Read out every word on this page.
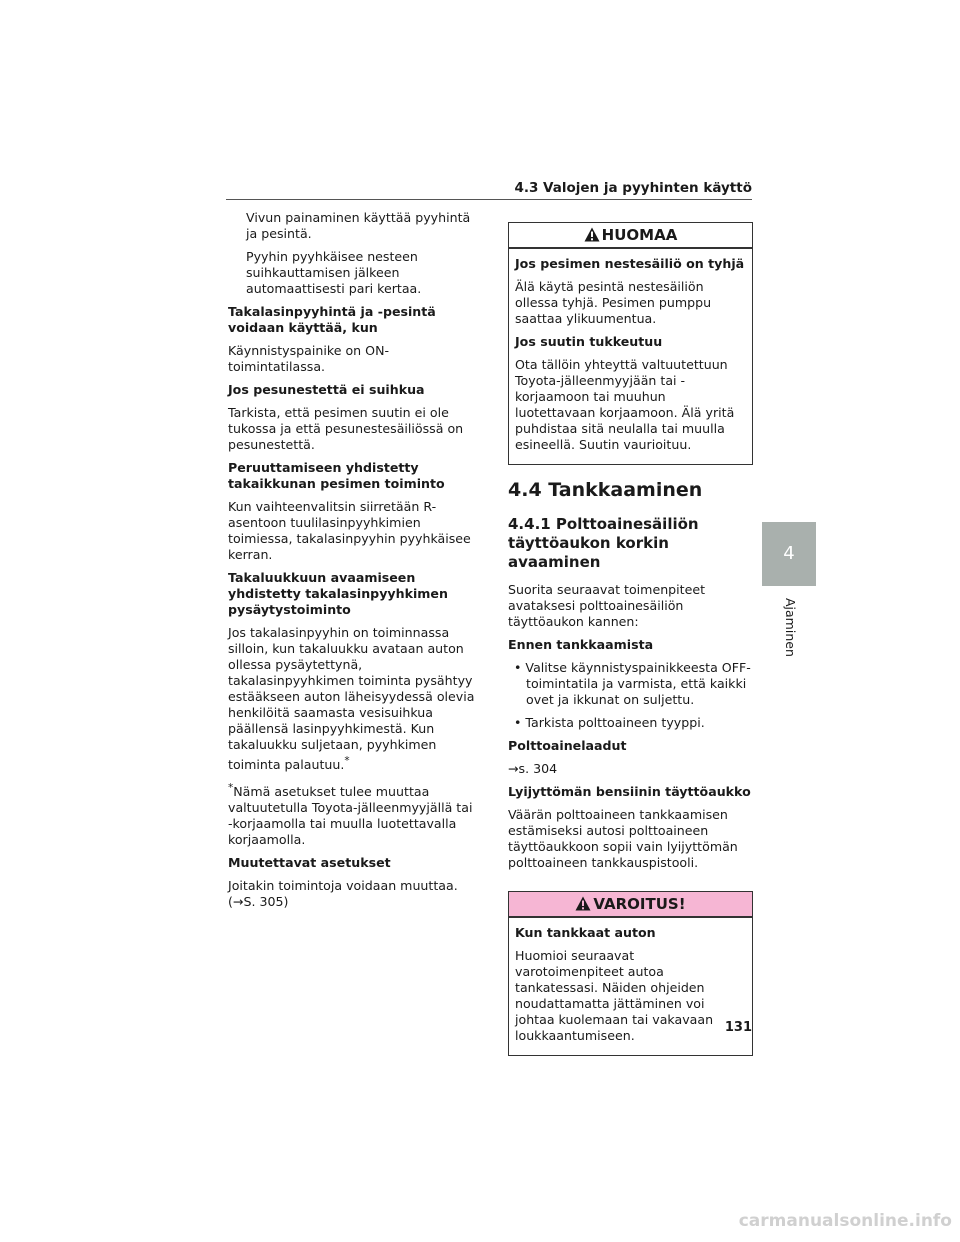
4.3 Valojen ja pyyhinten käyttö

Vivun painaminen käyttää pyyhintä ja pesintä.

Pyyhin pyyhkäisee nesteen suihkauttamisen jälkeen automaattisesti pari kertaa.

Takalasinpyyhintä ja -pesintä voidaan käyttää, kun

Käynnistyspainike on ON-toimintatilassa.

Jos pesunestettä ei suihkua

Tarkista, että pesimen suutin ei ole tukossa ja että pesunestesäiliössä on pesunestettä.

Peruuttamiseen yhdistetty takaikkunan pesimen toiminto

Kun vaihteenvalitsin siirretään R-asentoon tuulilasinpyyhkimien toimiessa, takalasinpyyhin pyyhkäisee kerran.

Takaluukkuun avaamiseen yhdistetty takalasinpyyhkimen pysäytystoiminto

Jos takalasinpyyhin on toiminnassa silloin, kun takaluukku avataan auton ollessa pysäytettynä, takalasinpyyhkimen toiminta pysähtyy estääkseen auton läheisyydessä olevia henkilöitä saamasta vesisuihkua päällensä lasinpyyhkimestä. Kun takaluukku suljetaan, pyyhkimen toiminta palautuu.*

*Nämä asetukset tulee muuttaa valtuutetulla Toyota-jälleenmyyjällä tai -korjaamolla tai muulla luotettavalla korjaamolla.

Muutettavat asetukset

Joitakin toimintoja voidaan muuttaa. (→S. 305)

HUOMAA

Jos pesimen nestesäiliö on tyhjä

Älä käytä pesintä nestesäiliön ollessa tyhjä. Pesimen pumppu saattaa ylikuumentua.

Jos suutin tukkeutuu

Ota tällöin yhteyttä valtuutettuun Toyota-jälleenmyyjään tai -korjaamoon tai muuhun luotettavaan korjaamoon. Älä yritä puhdistaa sitä neulalla tai muulla esineellä. Suutin vaurioituu.

4.4 Tankkaaminen
4.4.1 Polttoainesäiliön täyttöaukon korkin avaaminen

Suorita seuraavat toimenpiteet avataksesi polttoainesäiliön täyttöaukon kannen:

Ennen tankkaamista

• Valitse käynnistyspainikkeesta OFF-toimintatila ja varmista, että kaikki ovet ja ikkunat on suljettu.

• Tarkista polttoaineen tyyppi.

Polttoainelaadut

→s. 304

Lyijyttömän bensiinin täyttöaukko

Väärän polttoaineen tankkaamisen estämiseksi autosi polttoaineen täyttöaukkoon sopii vain lyijyttömän polttoaineen tankkauspistooli.

VAROITUS!

Kun tankkaat auton

Huomioi seuraavat varotoimenpiteet autoa tankatessasi. Näiden ohjeiden noudattamatta jättäminen voi johtaa kuolemaan tai vakavaan loukkaantumiseen.

4
Ajaminen
131
carmanualsonline.info
